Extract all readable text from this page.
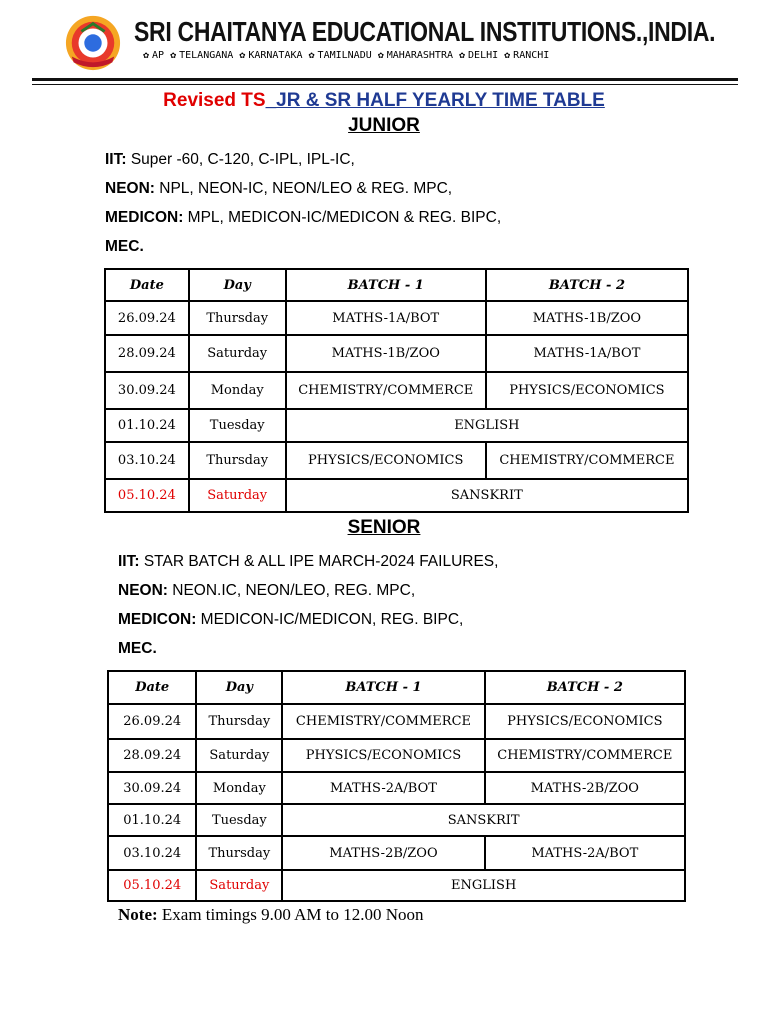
SRI CHAITANYA EDUCATIONAL INSTITUTIONS.,INDIA.
✿ AP ✿ TELANGANA ✿ KARNATAKA ✿ TAMILNADU ✿ MAHARASHTRA ✿ DELHI ✿ RANCHI
Revised TS_JR & SR HALF YEARLY TIME TABLE
JUNIOR
IIT: Super -60, C-120, C-IPL, IPL-IC,
NEON: NPL, NEON-IC, NEON/LEO & REG. MPC,
MEDICON: MPL, MEDICON-IC/MEDICON & REG. BIPC,
MEC.
Date	Day	BATCH - 1	BATCH - 2
26.09.24	Thursday	MATHS-1A/BOT	MATHS-1B/ZOO
28.09.24	Saturday	MATHS-1B/ZOO	MATHS-1A/BOT
30.09.24	Monday	CHEMISTRY/COMMERCE	PHYSICS/ECONOMICS
01.10.24	Tuesday	ENGLISH	
03.10.24	Thursday	PHYSICS/ECONOMICS	CHEMISTRY/COMMERCE
05.10.24	Saturday	SANSKRIT	
SENIOR
IIT: STAR BATCH & ALL IPE MARCH-2024 FAILURES,
NEON: NEON.IC, NEON/LEO, REG. MPC,
MEDICON: MEDICON-IC/MEDICON, REG. BIPC,
MEC.
Date	Day	BATCH - 1	BATCH - 2
26.09.24	Thursday	CHEMISTRY/COMMERCE	PHYSICS/ECONOMICS
28.09.24	Saturday	PHYSICS/ECONOMICS	CHEMISTRY/COMMERCE
30.09.24	Monday	MATHS-2A/BOT	MATHS-2B/ZOO
01.10.24	Tuesday	SANSKRIT	
03.10.24	Thursday	MATHS-2B/ZOO	MATHS-2A/BOT
05.10.24	Saturday	ENGLISH	
Note: Exam timings 9.00 AM to 12.00 Noon
